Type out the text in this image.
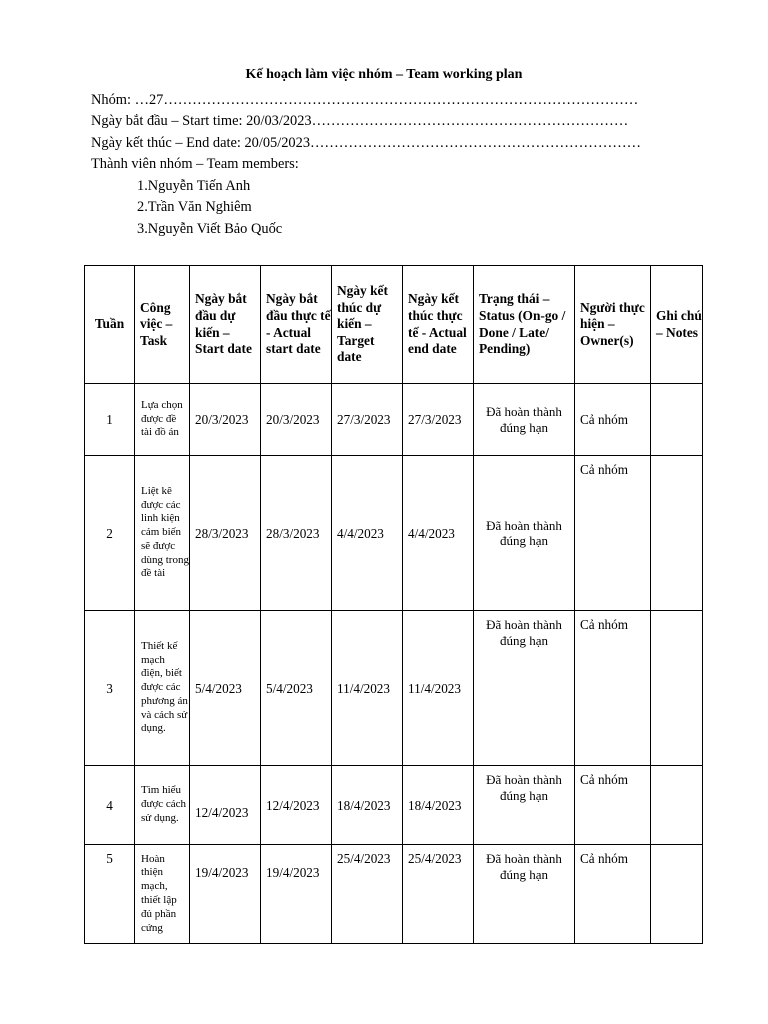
Kế hoạch làm việc nhóm – Team working plan
Nhóm: …27………………………………………………………………………………………
Ngày bắt đầu – Start time: 20/03/2023…………………………………………………………
Ngày kết thúc – End date: 20/05/2023……………………………………………………………
Thành viên nhóm – Team members:
1.Nguyễn Tiến Anh
2.Trần Văn Nghiêm
3.Nguyễn Viết Bảo Quốc
Tuần	Công việc – Task	Ngày bắt đầu dự kiến – Start date	Ngày bắt đầu thực tế - Actual start date	Ngày kết thúc dự kiến – Target date	Ngày kết thúc thực tế - Actual end date	Trạng thái – Status (On-go / Done / Late/ Pending)	Người thực hiện – Owner(s)	Ghi chú – Notes
1	Lựa chọn được đề tài đồ án	20/3/2023	20/3/2023	27/3/2023	27/3/2023	Đã hoàn thành đúng hạn	Cả nhóm	
2	Liệt kê được các linh kiện cảm biến sẽ được dùng trong đề tài	28/3/2023	28/3/2023	4/4/2023	4/4/2023	Đã hoàn thành đúng hạn	Cả nhóm	
3	Thiết kế mạch điện, biết được các phương án và cách sử dụng.	5/4/2023	5/4/2023	11/4/2023	11/4/2023	Đã hoàn thành đúng hạn	Cả nhóm	
4	Tìm hiểu được cách sử dụng.	12/4/2023	12/4/2023	18/4/2023	18/4/2023	Đã hoàn thành đúng hạn	Cả nhóm	
5	Hoàn thiện mạch, thiết lập đủ phần cứng	19/4/2023	19/4/2023	25/4/2023	25/4/2023	Đã hoàn thành đúng hạn	Cả nhóm	
